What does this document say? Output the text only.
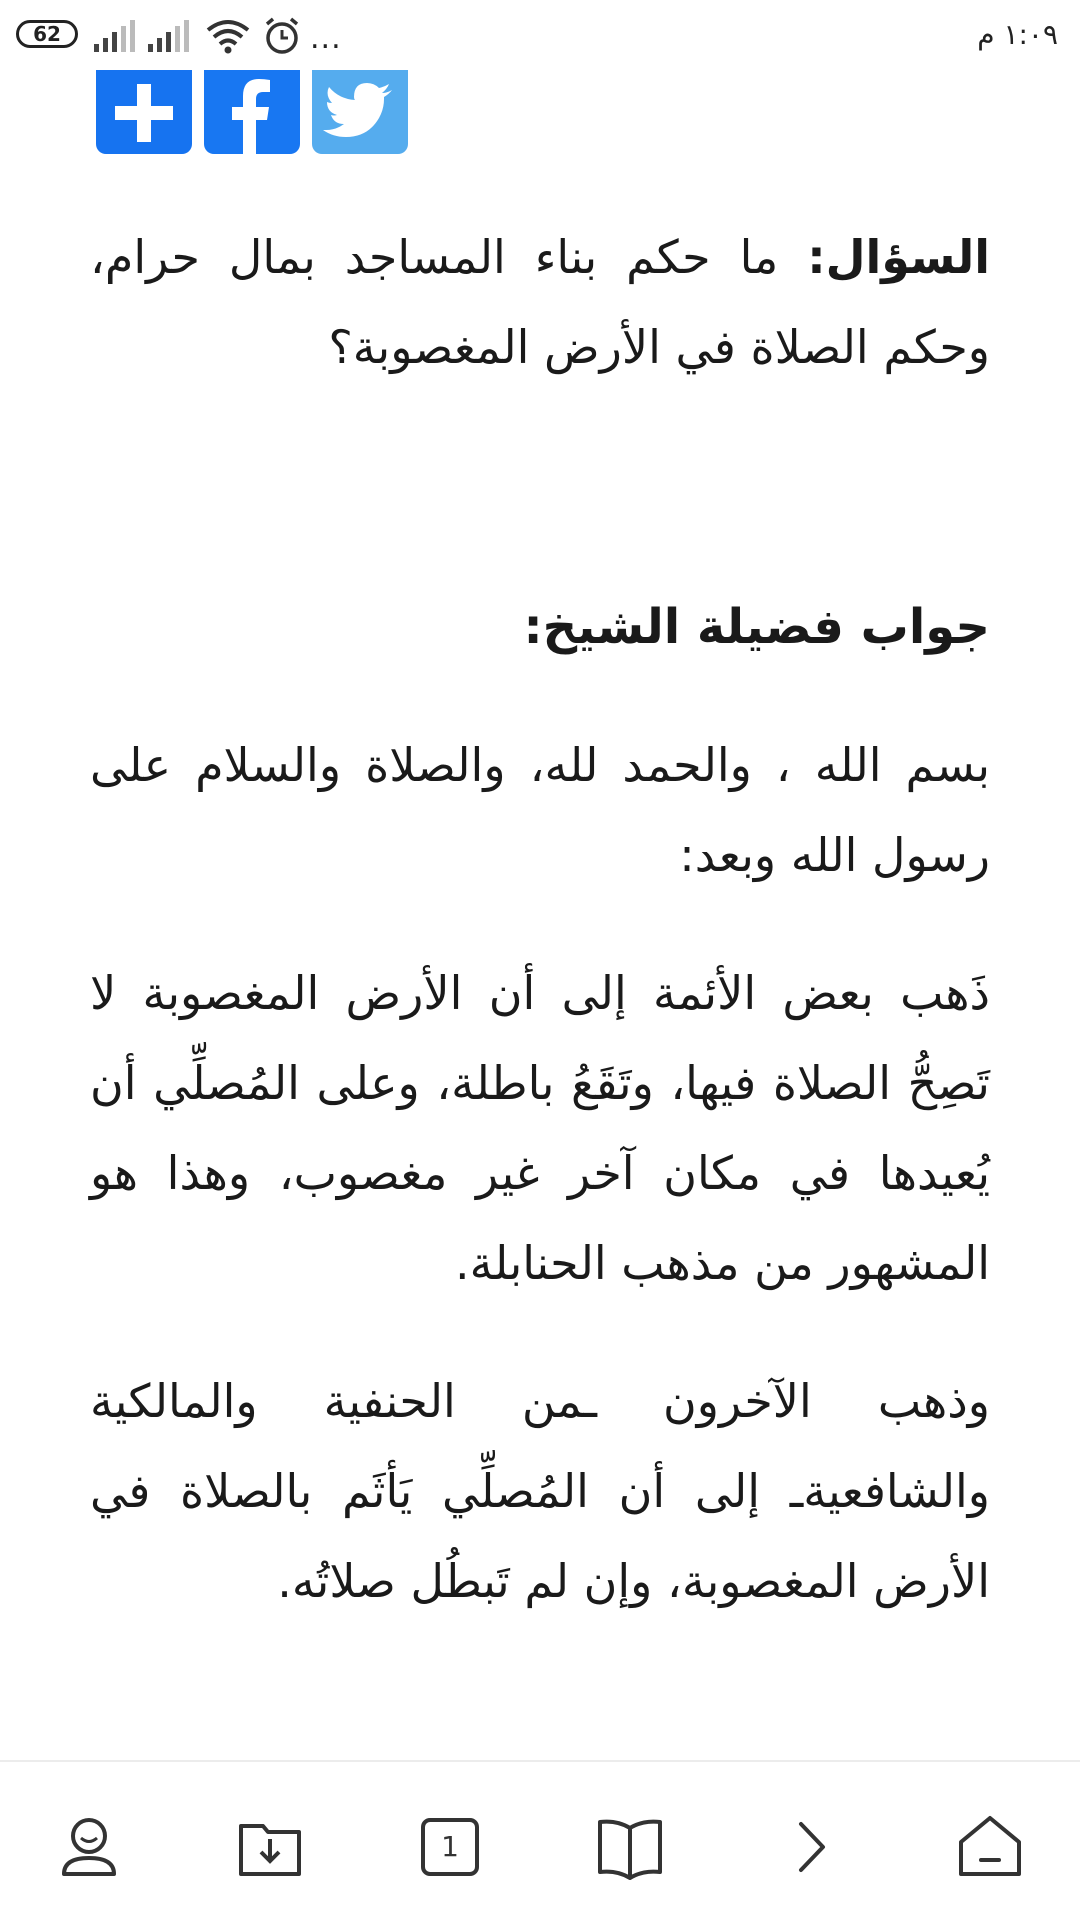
62	...	١:٠٩ م

السؤال: ما حكم بناء المساجد بمال حرام، وحكم الصلاة في الأرض المغصوبة؟

جواب فضيلة الشيخ:

بسم الله ، والحمد لله، والصلاة والسلام على رسول الله وبعد:

ذَهب بعض الأئمة إلى أن الأرض المغصوبة لا تَصِحُّ الصلاة فيها، وتَقَعُ باطلة، وعلى المُصلِّي أن يُعيدها في مكان آخر غير مغصوب، وهذا هو المشهور من مذهب الحنابلة.

وذهب الآخرون ـمن الحنفية والمالكية والشافعيةـ إلى أن المُصلِّي يَأثَم بالصلاة في الأرض المغصوبة، وإن لم تَبطُل صلاتُه.

1
